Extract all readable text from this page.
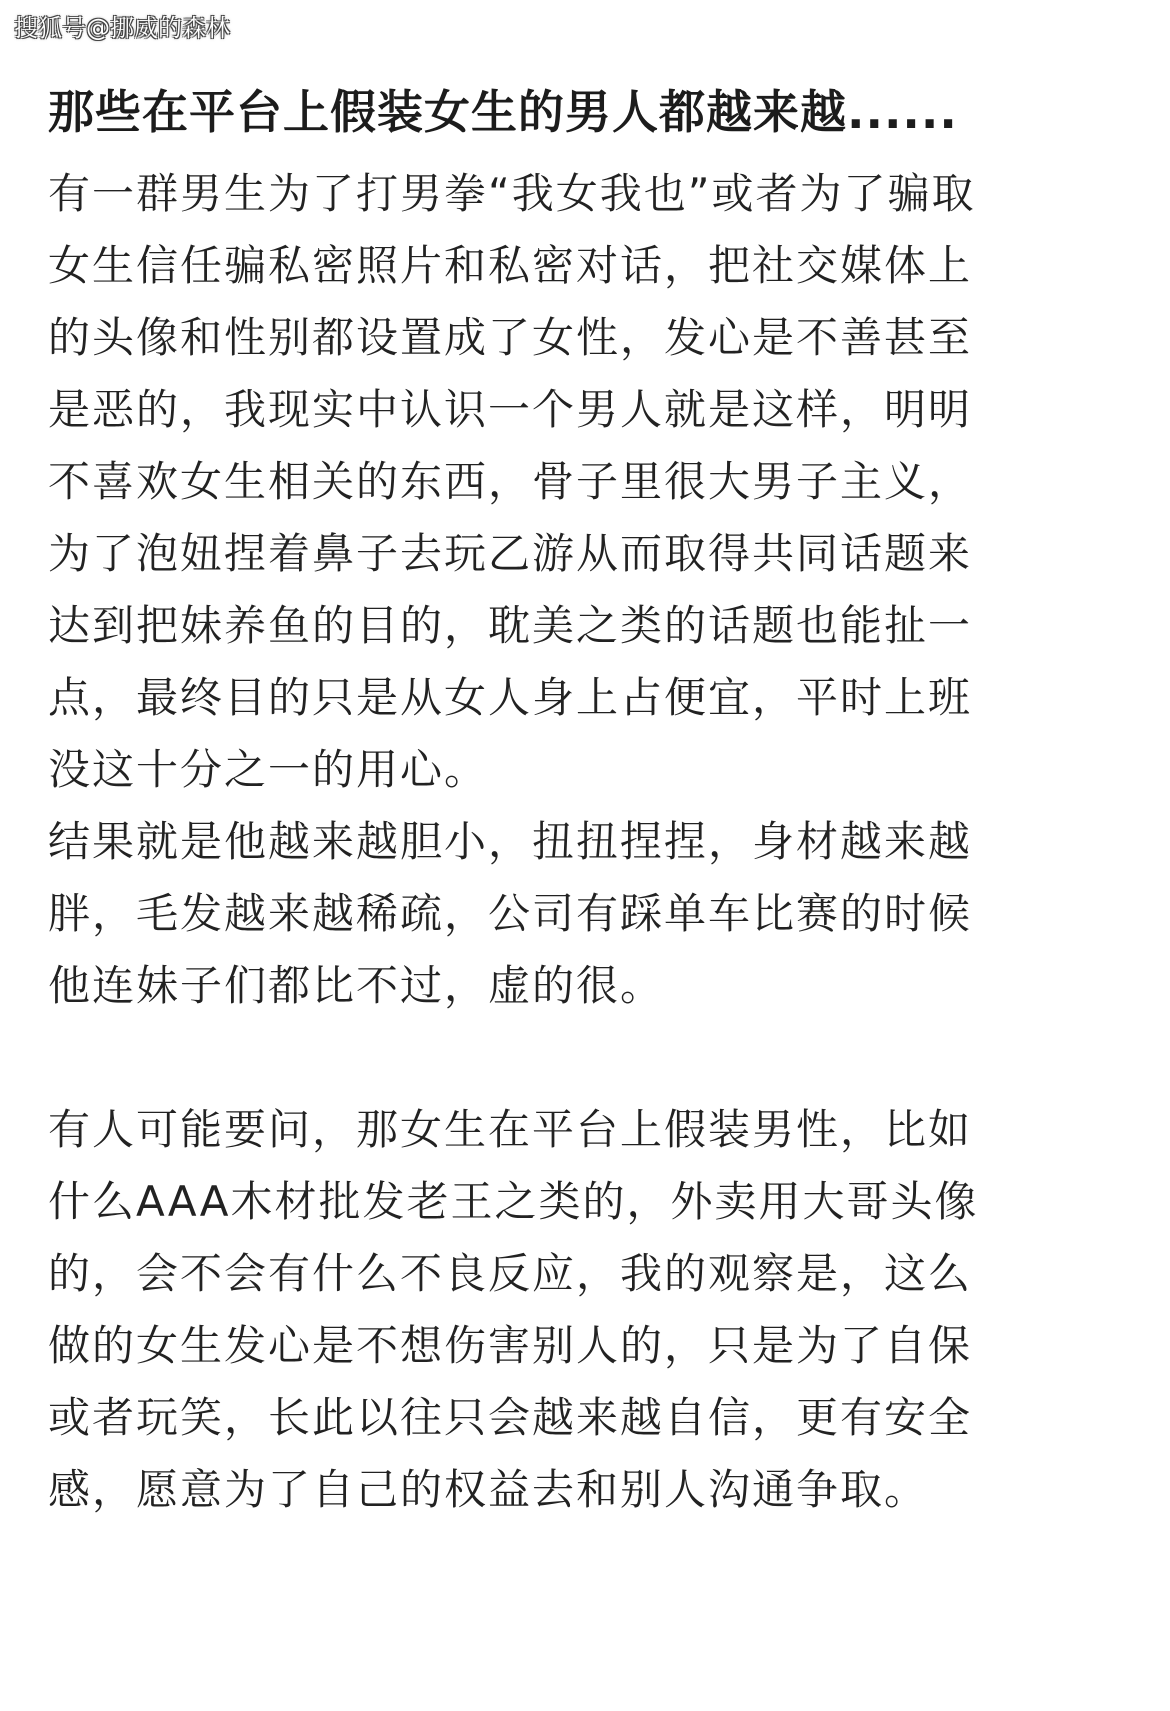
搜狐号@挪威的森林
那些在平台上假装女生的男人都越来越......

有一群男生为了打男拳“我女我也”或者为了骗取
女生信任骗私密照片和私密对话，把社交媒体上
的头像和性别都设置成了女性，发心是不善甚至
是恶的，我现实中认识一个男人就是这样，明明
不喜欢女生相关的东西，骨子里很大男子主义，
为了泡妞捏着鼻子去玩乙游从而取得共同话题来
达到把妹养鱼的目的，耽美之类的话题也能扯一
点，最终目的只是从女人身上占便宜，平时上班
没这十分之一的用心。

结果就是他越来越胆小，扭扭捏捏，身材越来越
胖，毛发越来越稀疏，公司有踩单车比赛的时候
他连妹子们都比不过，虚的很。

有人可能要问，那女生在平台上假装男性，比如
什么AAA木材批发老王之类的，外卖用大哥头像
的，会不会有什么不良反应，我的观察是，这么
做的女生发心是不想伤害别人的，只是为了自保
或者玩笑，长此以往只会越来越自信，更有安全
感，愿意为了自己的权益去和别人沟通争取。
